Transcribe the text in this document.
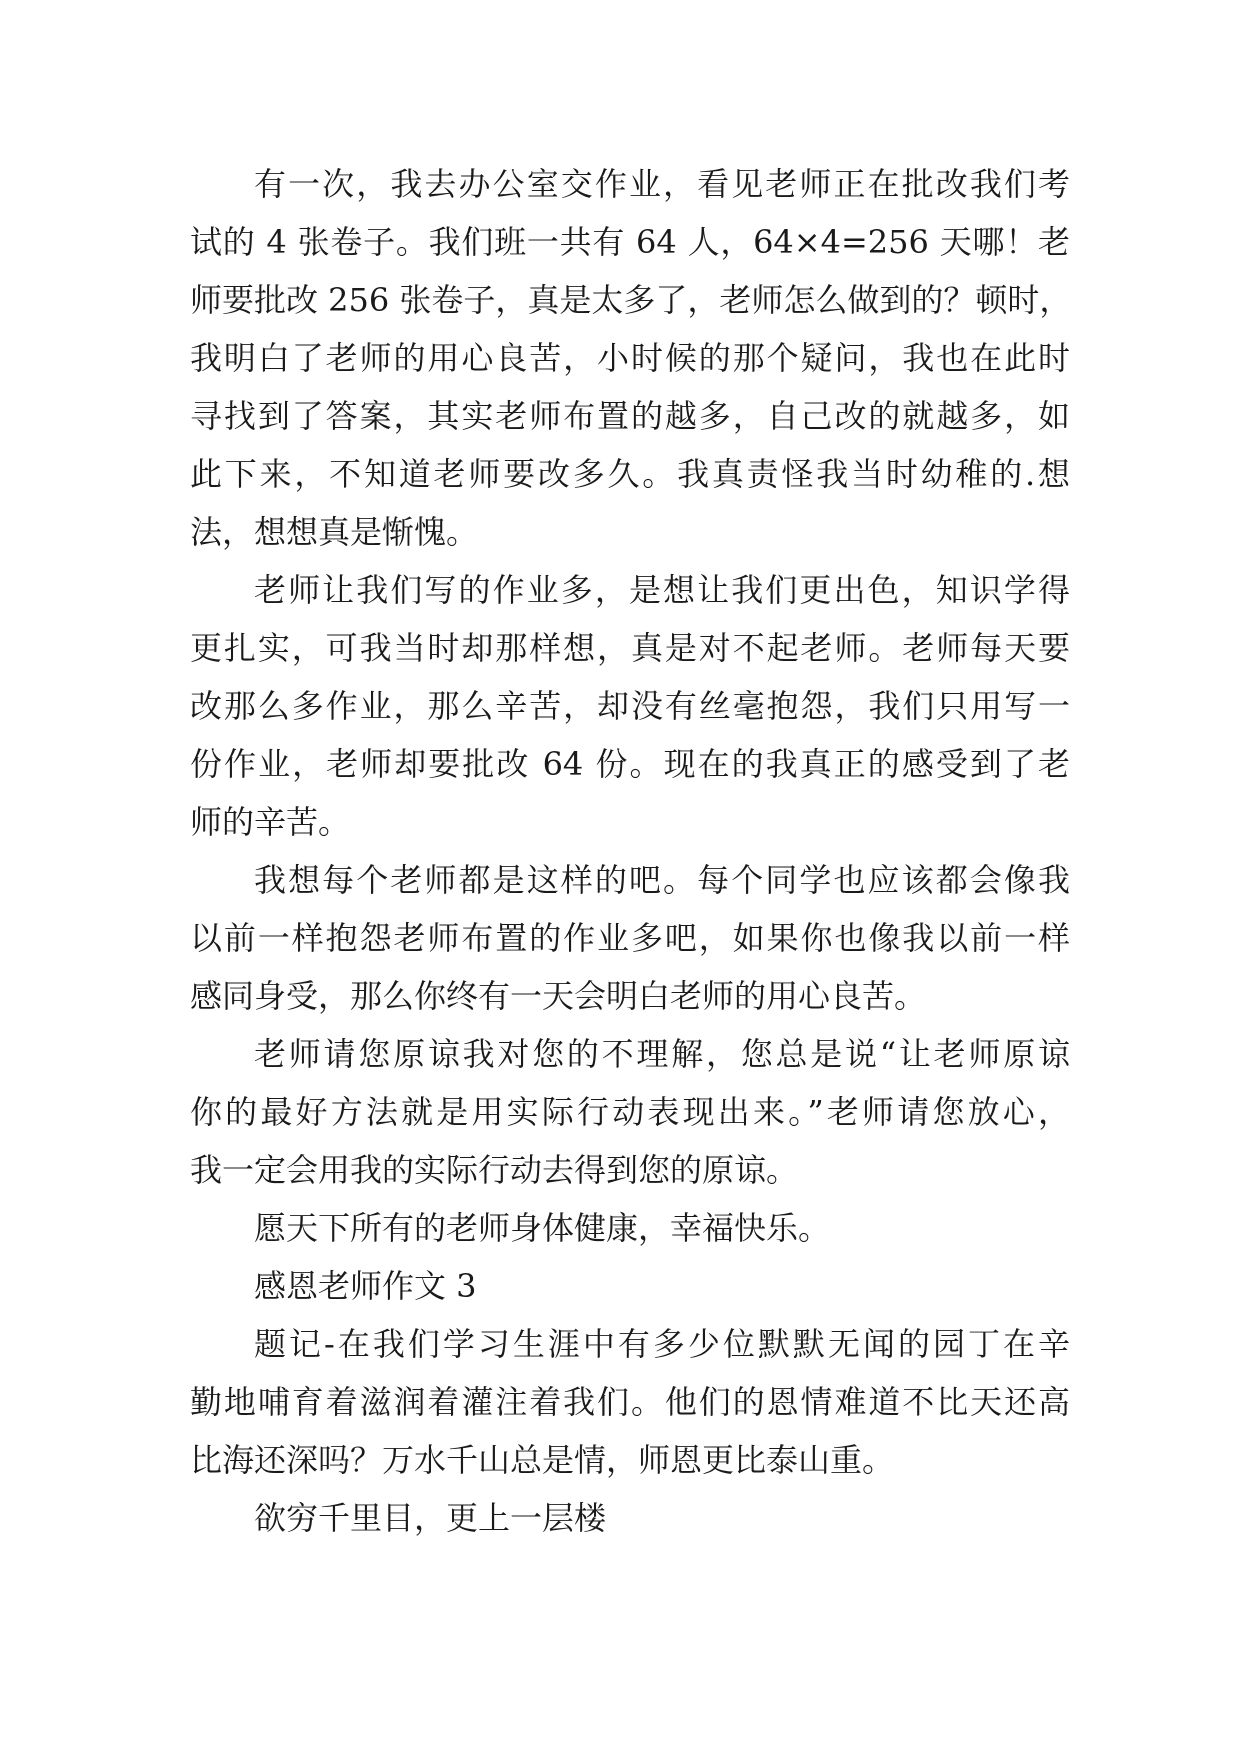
有一次，我去办公室交作业，看见老师正在批改我们考
试的 4 张卷子。我们班一共有 64 人，64×4=256 天哪！老
师要批改 256 张卷子，真是太多了，老师怎么做到的？顿时，
我明白了老师的用心良苦，小时候的那个疑问，我也在此时
寻找到了答案，其实老师布置的越多，自己改的就越多，如
此下来，不知道老师要改多久。我真责怪我当时幼稚的.想
法，想想真是惭愧。
老师让我们写的作业多，是想让我们更出色，知识学得
更扎实，可我当时却那样想，真是对不起老师。老师每天要
改那么多作业，那么辛苦，却没有丝毫抱怨，我们只用写一
份作业，老师却要批改 64 份。现在的我真正的感受到了老
师的辛苦。
我想每个老师都是这样的吧。每个同学也应该都会像我
以前一样抱怨老师布置的作业多吧，如果你也像我以前一样
感同身受，那么你终有一天会明白老师的用心良苦。
老师请您原谅我对您的不理解，您总是说“让老师原谅
你的最好方法就是用实际行动表现出来。”老师请您放心，
我一定会用我的实际行动去得到您的原谅。
愿天下所有的老师身体健康，幸福快乐。
感恩老师作文 3
题记-在我们学习生涯中有多少位默默无闻的园丁在辛
勤地哺育着滋润着灌注着我们。他们的恩情难道不比天还高
比海还深吗？万水千山总是情，师恩更比泰山重。
欲穷千里目，更上一层楼
